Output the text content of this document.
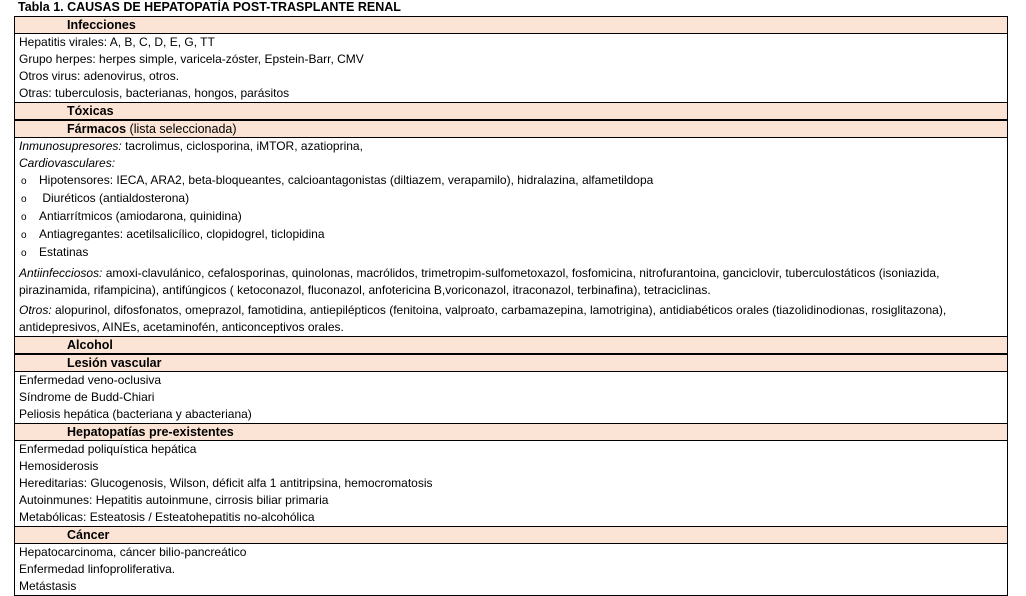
Tabla 1. CAUSAS DE HEPATOPATÍA POST-TRASPLANTE RENAL
Infecciones
Hepatitis virales: A, B, C, D, E, G, TT
Grupo herpes: herpes simple, varicela-zóster, Epstein-Barr, CMV
Otros virus: adenovirus, otros.
Otras: tuberculosis, bacterianas, hongos, parásitos
Tóxicas
Fármacos (lista seleccionada)
Inmunosupresores: tacrolimus, ciclosporina, iMTOR, azatioprina,
Cardiovasculares:
o Hipotensores: IECA, ARA2, beta-bloqueantes, calcioantagonistas (diltiazem, verapamilo), hidralazina, alfametildopa
o Diuréticos (antialdosterona)
o Antiarrítmicos (amiodarona, quinidina)
o Antiagregantes: acetilsalicílico, clopidogrel, ticlopidina
o Estatinas
Antiinfecciosos: amoxi-clavulánico, cefalosporinas, quinolonas, macrólidos, trimetropim-sulfometoxazol, fosfomicina, nitrofurantoina, ganciclovir, tuberculostáticos (isoniazida, pirazinamida, rifampicina), antifúngicos ( ketoconazol, fluconazol, anfotericina B,voriconazol, itraconazol, terbinafina), tetraciclinas.
Otros: alopurinol, difosfonatos, omeprazol, famotidina, antiepilépticos (fenitoina, valproato, carbamazepina, lamotrigina), antidiabéticos orales (tiazolidinodionas, rosiglitazona), antidepresivos, AINEs, acetaminofén, anticonceptivos orales.
Alcohol
Lesión vascular
Enfermedad veno-oclusiva
Síndrome de Budd-Chiari
Peliosis hepática (bacteriana y abacteriana)
Hepatopatías pre-existentes
Enfermedad poliquística hepática
Hemosiderosis
Hereditarias: Glucogenosis, Wilson, déficit alfa 1 antitripsina, hemocromatosis
Autoinmunes: Hepatitis autoinmune, cirrosis biliar primaria
Metabólicas: Esteatosis / Esteatohepatitis no-alcohólica
Cáncer
Hepatocarcinoma, cáncer bilio-pancreático
Enfermedad linfoproliferativa.
Metástasis
